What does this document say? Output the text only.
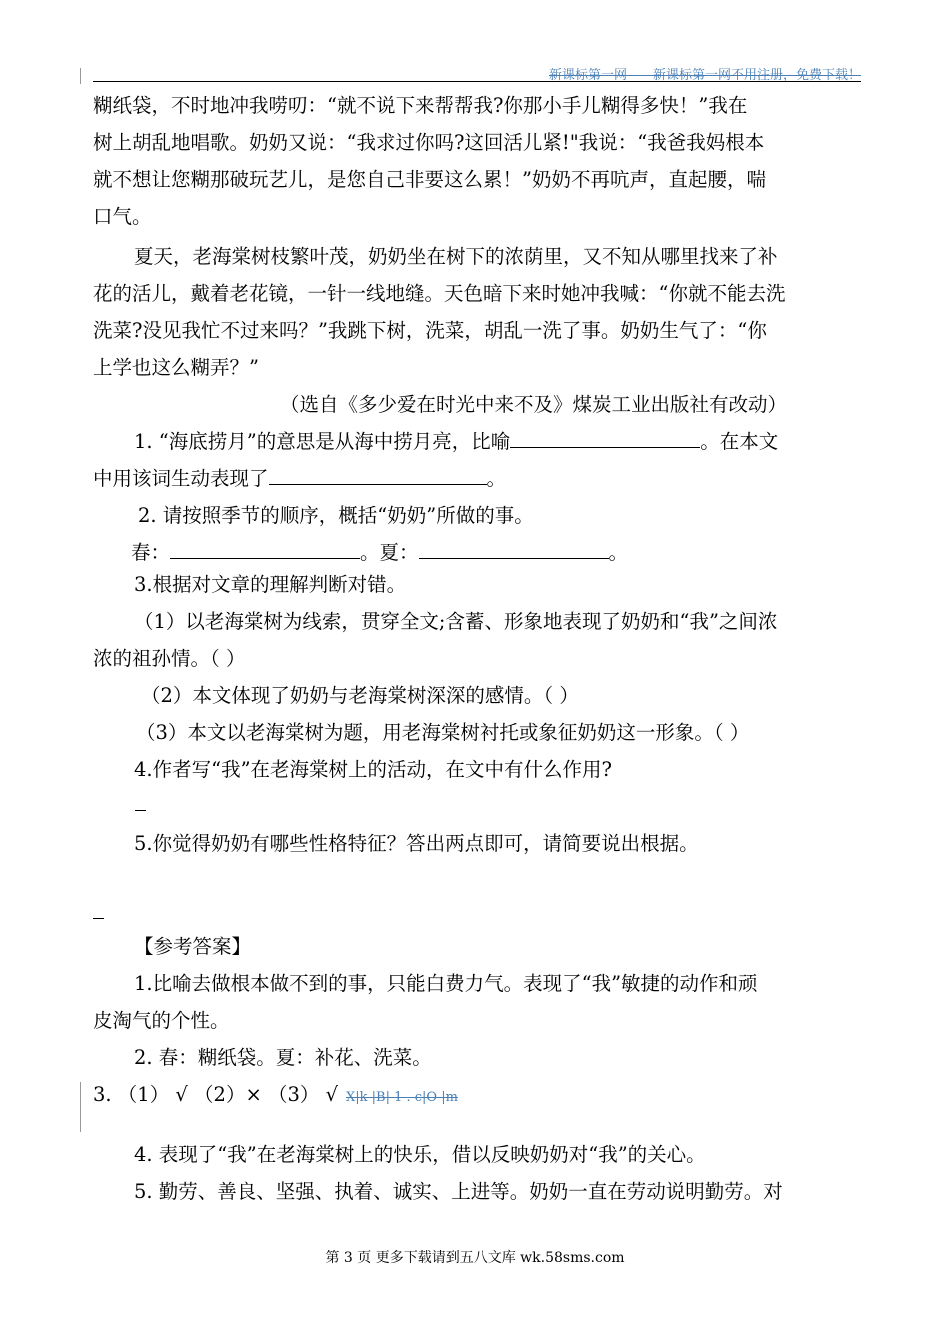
新课标第一网——新课标第一网不用注册，免费下载！
糊纸袋，不时地冲我唠叨：“就不说下来帮帮我?你那小手儿糊得多快！”我在
树上胡乱地唱歌。奶奶又说：“我求过你吗?这回活儿紧!"我说：“我爸我妈根本
就不想让您糊那破玩艺儿，是您自己非要这么累！”奶奶不再吭声，直起腰，喘
口气。
夏天，老海棠树枝繁叶茂，奶奶坐在树下的浓荫里，又不知从哪里找来了补
花的活儿，戴着老花镜，一针一线地缝。天色暗下来时她冲我喊：“你就不能去洗
洗菜?没见我忙不过来吗？”我跳下树，洗菜，胡乱一洗了事。奶奶生气了：“你
上学也这么糊弄？”
（选自《多少爱在时光中来不及》煤炭工业出版社有改动）
1. “海底捞月”的意思是从海中捞月亮，比喻	。在本文
中用该词生动表现了	。
2. 请按照季节的顺序，概括“奶奶”所做的事。
春：	。夏：	。
3.根据对文章的理解判断对错。
（1）以老海棠树为线索，贯穿全文;含蓄、形象地表现了奶奶和“我”之间浓
浓的祖孙情。（ ）
（2）本文体现了奶奶与老海棠树深深的感情。（ ）
（3）本文以老海棠树为题，用老海棠树衬托或象征奶奶这一形象。（ ）
4.作者写“我”在老海棠树上的活动，在文中有什么作用?
5.你觉得奶奶有哪些性格特征？答出两点即可，请简要说出根据。
【参考答案】
1.比喻去做根本做不到的事，只能白费力气。表现了“我”敏捷的动作和顽
皮淘气的个性。
2. 春：糊纸袋。夏：补花、洗菜。
3. （1） √ （2）× （3） √ X|k |B| 1 . c|O |m
4. 表现了“我”在老海棠树上的快乐，借以反映奶奶对“我”的关心。
5. 勤劳、善良、坚强、执着、诚实、上进等。奶奶一直在劳动说明勤劳。对
第 3 页 更多下载请到五八文库 wk.58sms.com
